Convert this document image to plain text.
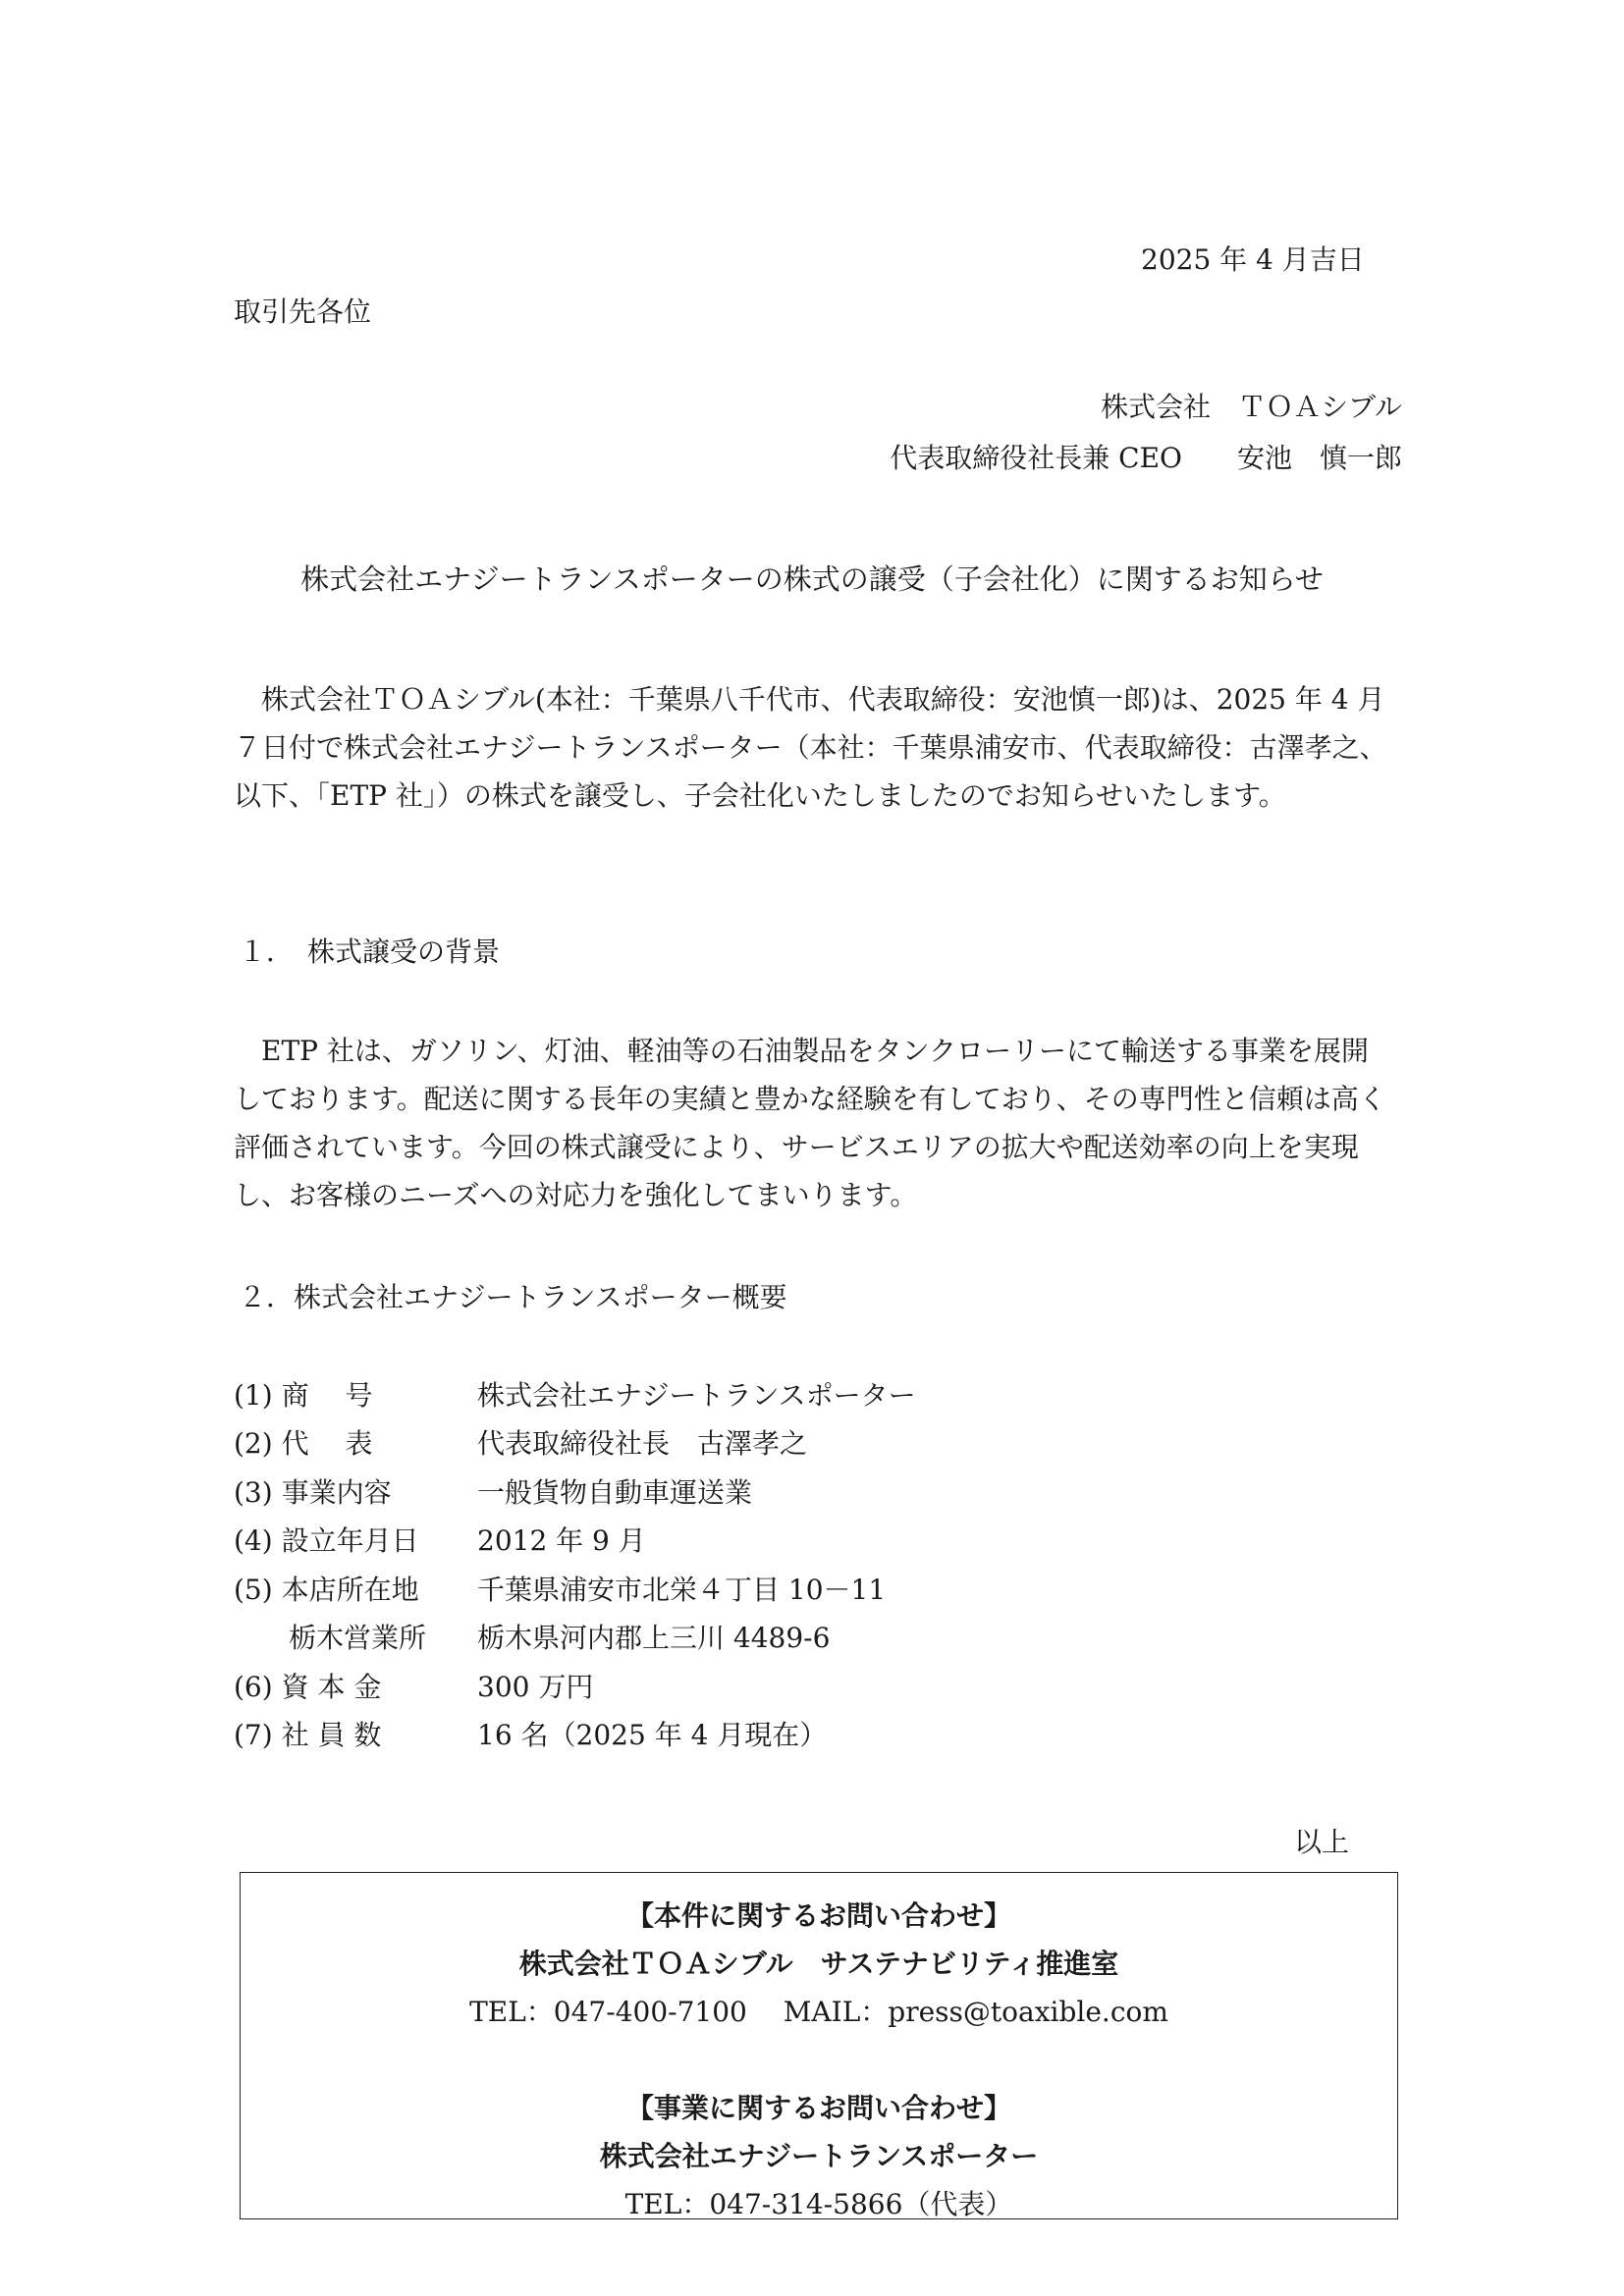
2025 年 4 月吉日
取引先各位
株式会社　ＴＯＡシブル
代表取締役社長兼 CEO　　安池　慎一郎
株式会社エナジートランスポーターの株式の譲受（子会社化）に関するお知らせ
株式会社ＴＯＡシブル(本社：千葉県八千代市、代表取締役：安池慎一郎)は、2025 年 4 月７日付で株式会社エナジートランスポーター（本社：千葉県浦安市、代表取締役：古澤孝之、以下、「ETP 社」）の株式を譲受し、子会社化いたしましたのでお知らせいたします。
１．　株式譲受の背景
ETP 社は、ガソリン、灯油、軽油等の石油製品をタンクローリーにて輸送する事業を展開しております。配送に関する長年の実績と豊かな経験を有しており、その専門性と信頼は高く評価されています。今回の株式譲受により、サービスエリアの拡大や配送効率の向上を実現し、お客様のニーズへの対応力を強化してまいります。
２．株式会社エナジートランスポーター概要
(1) 商　 号	株式会社エナジートランスポーター
(2) 代　 表	代表取締役社長　古澤孝之
(3) 事業内容	一般貨物自動車運送業
(4) 設立年月日	2012 年 9 月
(5) 本店所在地	千葉県浦安市北栄４丁目 10－11
　　栃木営業所	栃木県河内郡上三川 4489-6
(6) 資 本 金	300 万円
(7) 社 員 数	16 名（2025 年 4 月現在）
以上
【本件に関するお問い合わせ】
株式会社ＴＯＡシブル　サステナビリティ推進室
TEL：047-400-7100　 MAIL：press@toaxible.com
【事業に関するお問い合わせ】
株式会社エナジートランスポーター
TEL：047-314-5866（代表）
